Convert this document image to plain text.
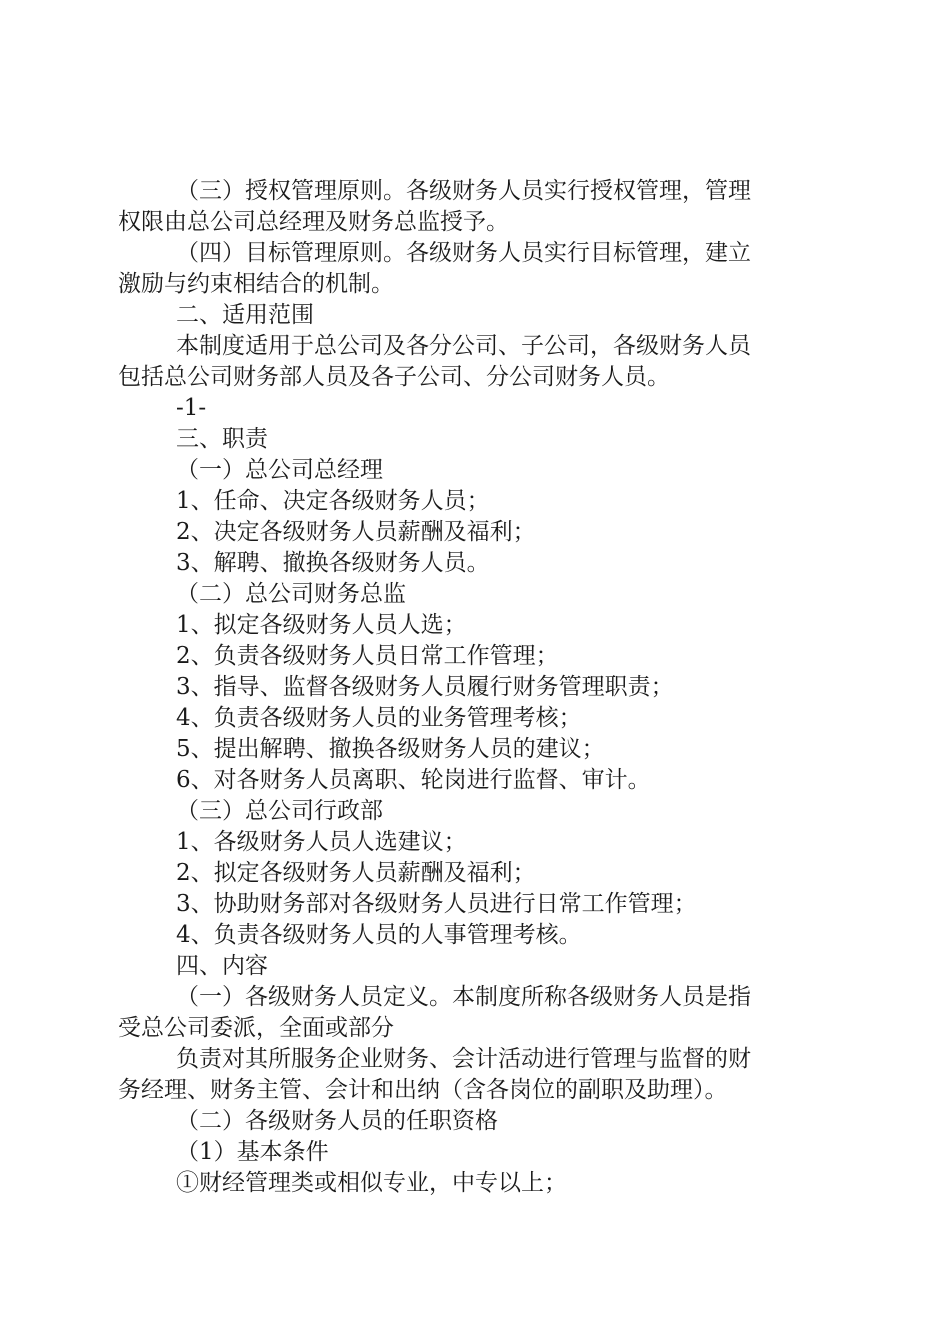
（三）授权管理原则。各级财务人员实行授权管理，管理
权限由总公司总经理及财务总监授予。
（四）目标管理原则。各级财务人员实行目标管理，建立
激励与约束相结合的机制。
二、适用范围
本制度适用于总公司及各分公司、子公司，各级财务人员
包括总公司财务部人员及各子公司、分公司财务人员。
-1-
三、职责
（一）总公司总经理
1、任命、决定各级财务人员；
2、决定各级财务人员薪酬及福利；
3、解聘、撤换各级财务人员。
（二）总公司财务总监
1、拟定各级财务人员人选；
2、负责各级财务人员日常工作管理；
3、指导、监督各级财务人员履行财务管理职责；
4、负责各级财务人员的业务管理考核；
5、提出解聘、撤换各级财务人员的建议；
6、对各财务人员离职、轮岗进行监督、审计。
（三）总公司行政部
1、各级财务人员人选建议；
2、拟定各级财务人员薪酬及福利；
3、协助财务部对各级财务人员进行日常工作管理；
4、负责各级财务人员的人事管理考核。
四、内容
（一）各级财务人员定义。本制度所称各级财务人员是指
受总公司委派，全面或部分
负责对其所服务企业财务、会计活动进行管理与监督的财
务经理、财务主管、会计和出纳（含各岗位的副职及助理）。
（二）各级财务人员的任职资格
（1）基本条件
①财经管理类或相似专业，中专以上；
